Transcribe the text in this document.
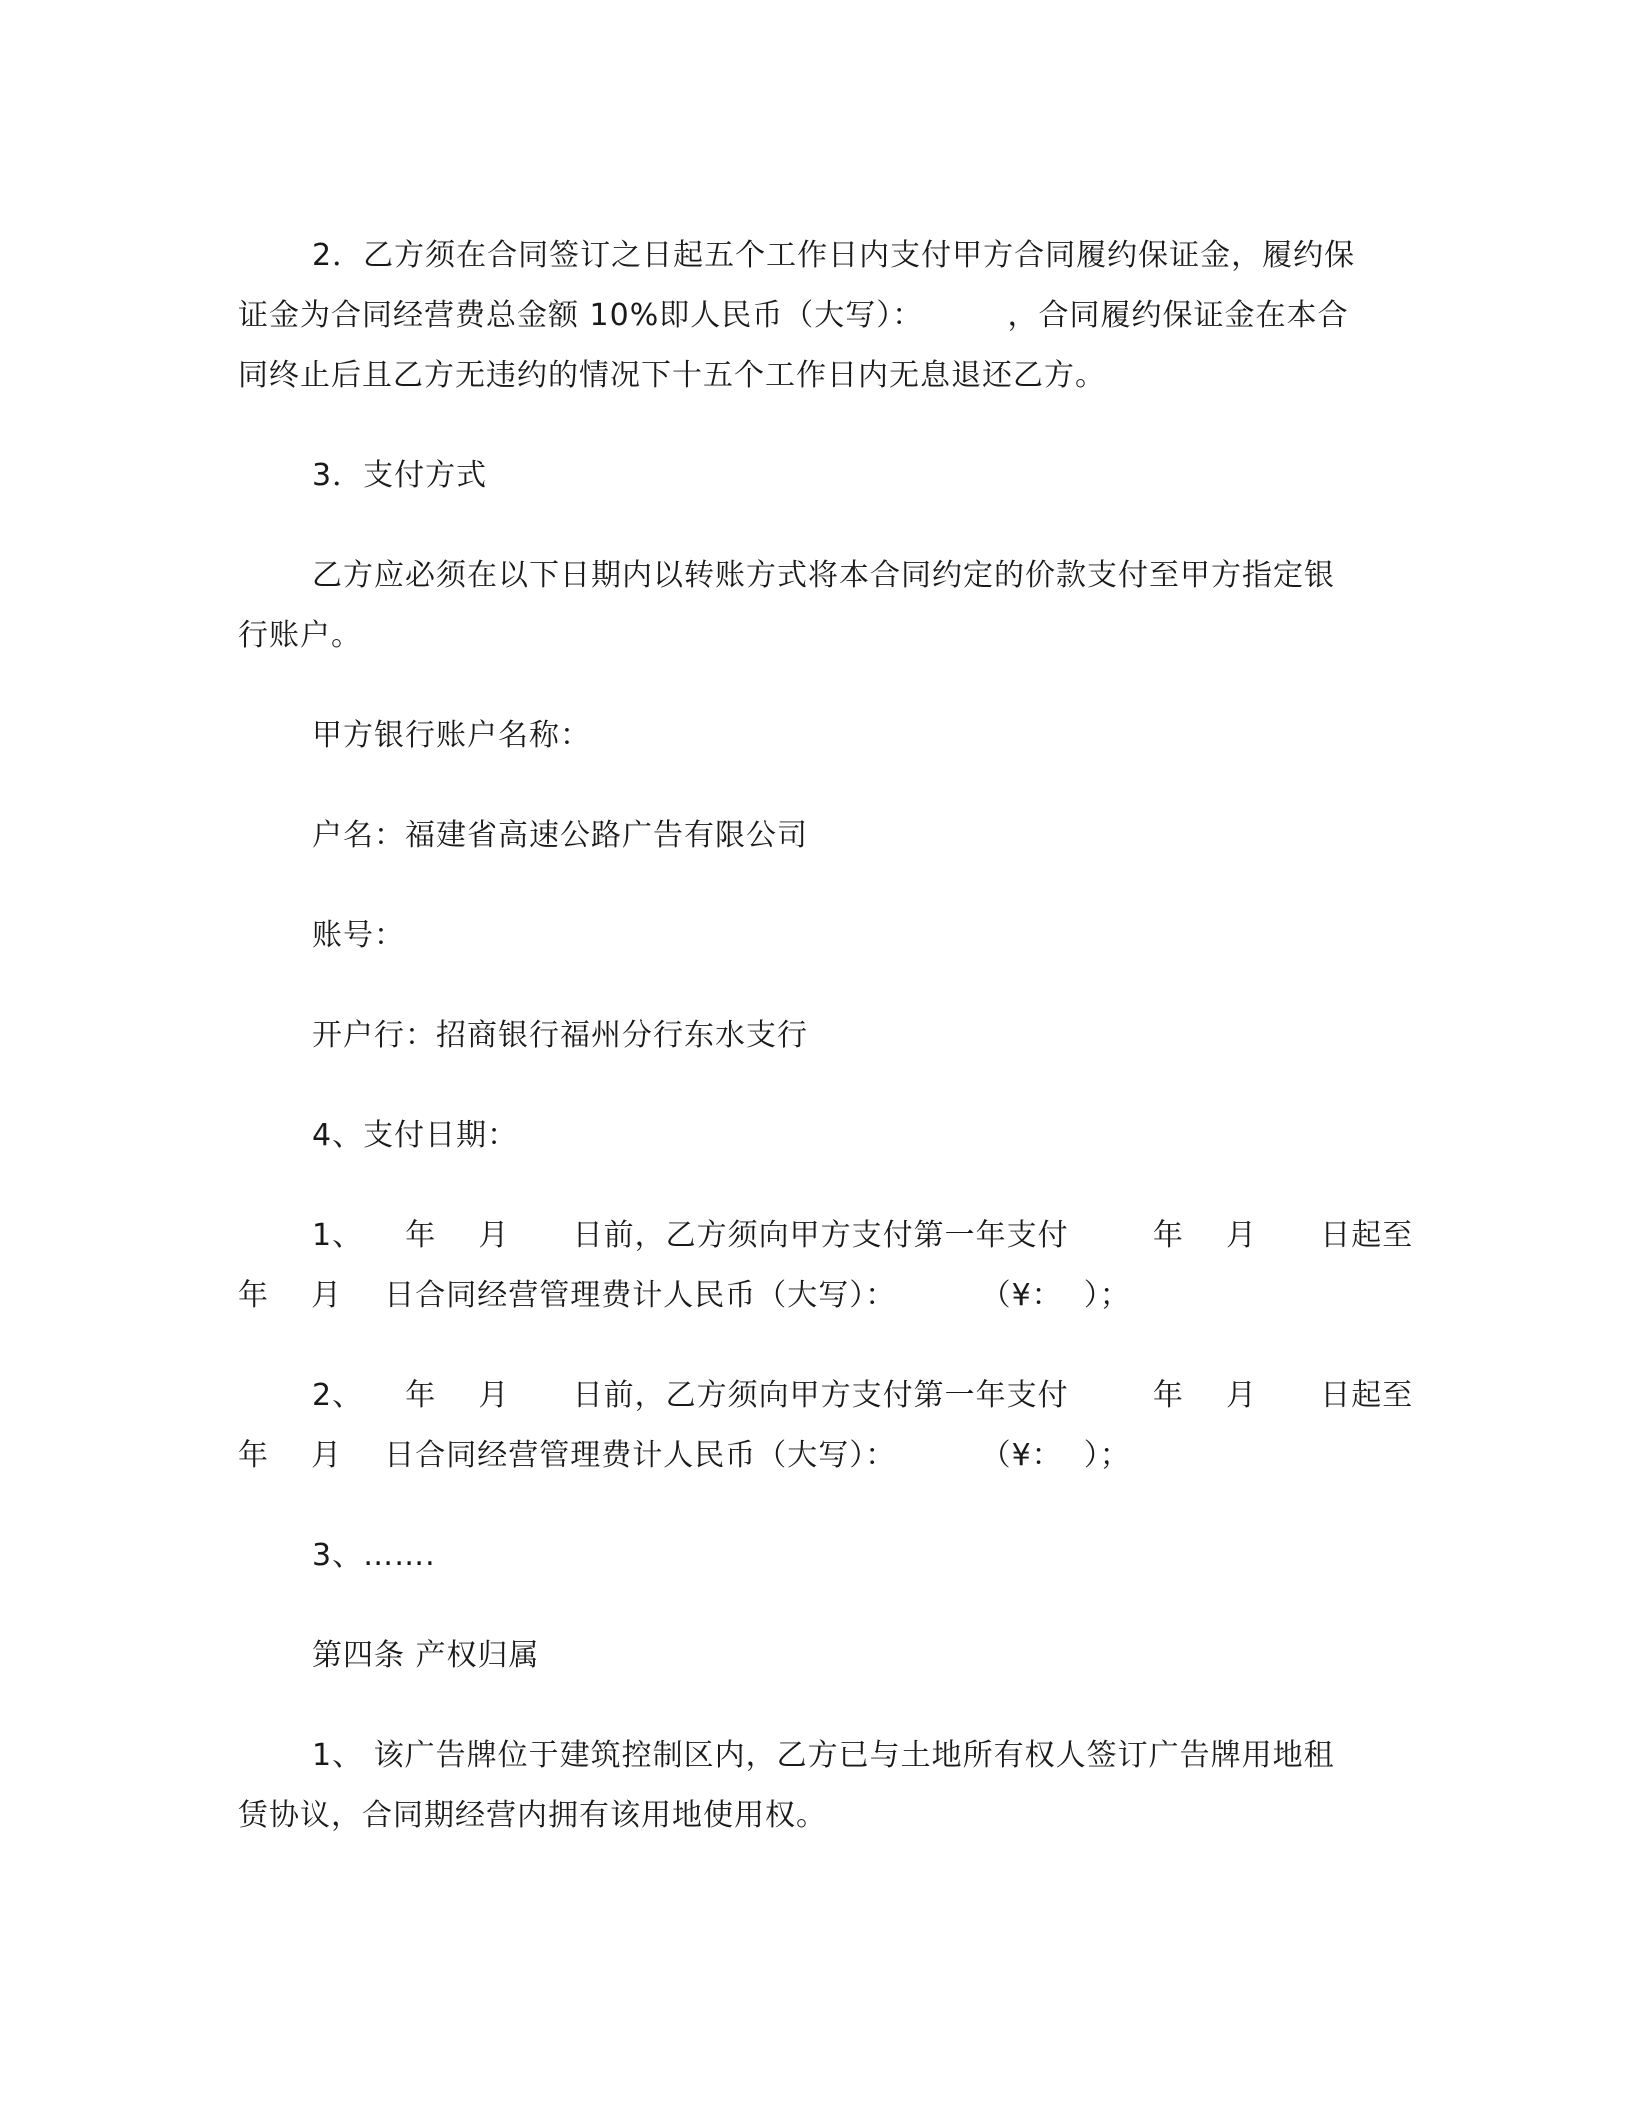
2．乙方须在合同签订之日起五个工作日内支付甲方合同履约保证金，履约保
证金为合同经营费总金额 10%即人民币（大写）：        ，合同履约保证金在本合
同终止后且乙方无违约的情况下十五个工作日内无息退还乙方。
3．支付方式
乙方应必须在以下日期内以转账方式将本合同约定的价款支付至甲方指定银
行账户。
甲方银行账户名称：
户名：福建省高速公路广告有限公司
账号：
开户行：招商银行福州分行东水支行
4、支付日期：
1、    年    月      日前，乙方须向甲方支付第一年支付        年    月      日起至
年    月    日合同经营管理费计人民币（大写）：        （¥：  ）；
2、    年    月      日前，乙方须向甲方支付第一年支付        年    月      日起至
年    月    日合同经营管理费计人民币（大写）：        （¥：  ）；
3、…….
第四条 产权归属
1、 该广告牌位于建筑控制区内，乙方已与土地所有权人签订广告牌用地租
赁协议，合同期经营内拥有该用地使用权。
